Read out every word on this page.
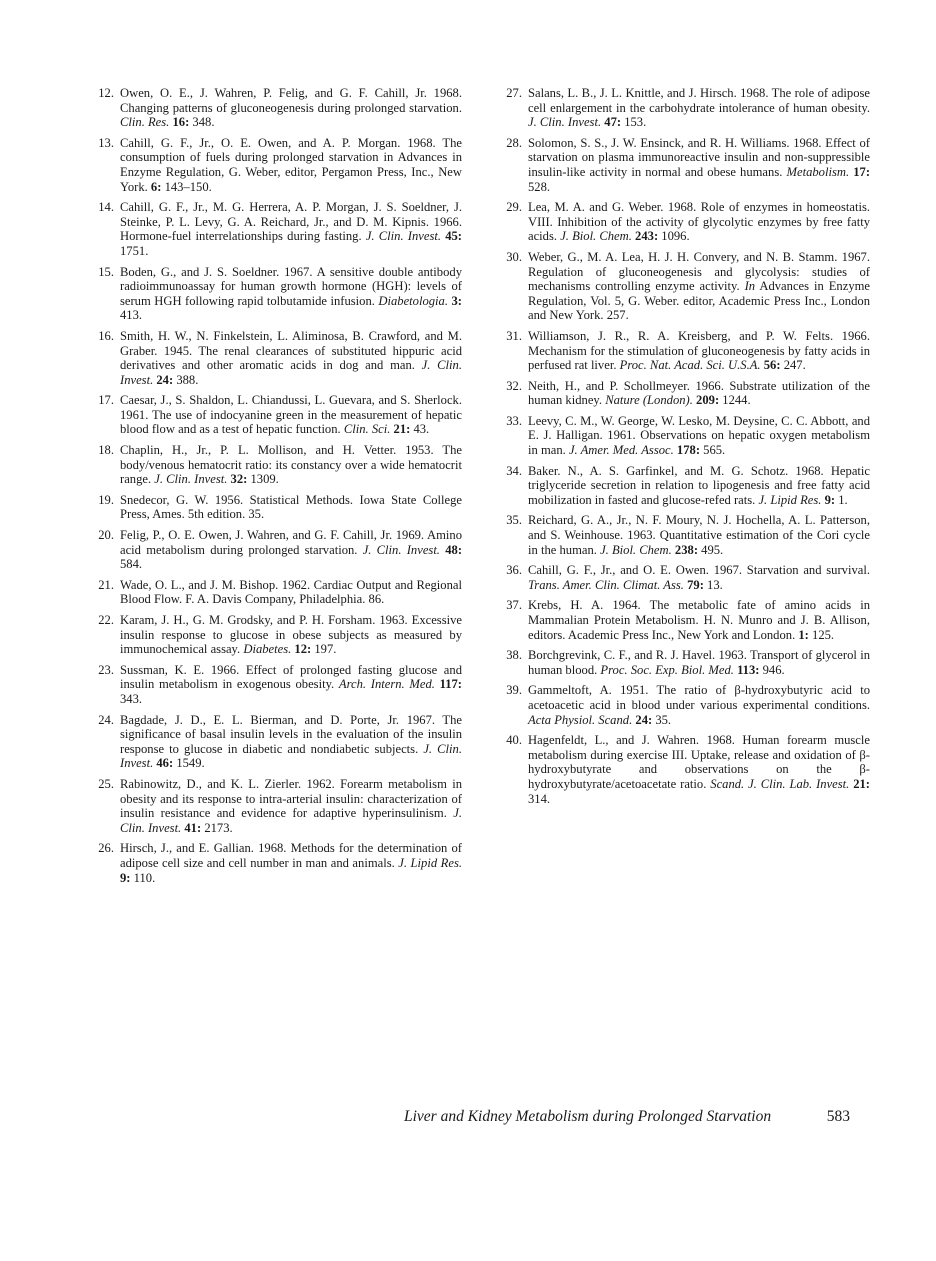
12. Owen, O. E., J. Wahren, P. Felig, and G. F. Cahill, Jr. 1968. Changing patterns of gluconeogenesis during prolonged starvation. Clin. Res. 16: 348.
13. Cahill, G. F., Jr., O. E. Owen, and A. P. Morgan. 1968. The consumption of fuels during prolonged starvation in Advances in Enzyme Regulation, G. Weber, editor, Pergamon Press, Inc., New York. 6: 143–150.
14. Cahill, G. F., Jr., M. G. Herrera, A. P. Morgan, J. S. Soeldner, J. Steinke, P. L. Levy, G. A. Reichard, Jr., and D. M. Kipnis. 1966. Hormone-fuel interrelationships during fasting. J. Clin. Invest. 45: 1751.
15. Boden, G., and J. S. Soeldner. 1967. A sensitive double antibody radioimmunoassay for human growth hormone (HGH): levels of serum HGH following rapid tolbutamide infusion. Diabetologia. 3: 413.
16. Smith, H. W., N. Finkelstein, L. Aliminosa, B. Crawford, and M. Graber. 1945. The renal clearances of substituted hippuric acid derivatives and other aromatic acids in dog and man. J. Clin. Invest. 24: 388.
17. Caesar, J., S. Shaldon, L. Chiandussi, L. Guevara, and S. Sherlock. 1961. The use of indocyanine green in the measurement of hepatic blood flow and as a test of hepatic function. Clin. Sci. 21: 43.
18. Chaplin, H., Jr., P. L. Mollison, and H. Vetter. 1953. The body/venous hematocrit ratio: its constancy over a wide hematocrit range. J. Clin. Invest. 32: 1309.
19. Snedecor, G. W. 1956. Statistical Methods. Iowa State College Press, Ames. 5th edition. 35.
20. Felig, P., O. E. Owen, J. Wahren, and G. F. Cahill, Jr. 1969. Amino acid metabolism during prolonged starvation. J. Clin. Invest. 48: 584.
21. Wade, O. L., and J. M. Bishop. 1962. Cardiac Output and Regional Blood Flow. F. A. Davis Company, Philadelphia. 86.
22. Karam, J. H., G. M. Grodsky, and P. H. Forsham. 1963. Excessive insulin response to glucose in obese subjects as measured by immunochemical assay. Diabetes. 12: 197.
23. Sussman, K. E. 1966. Effect of prolonged fasting glucose and insulin metabolism in exogenous obesity. Arch. Intern. Med. 117: 343.
24. Bagdade, J. D., E. L. Bierman, and D. Porte, Jr. 1967. The significance of basal insulin levels in the evaluation of the insulin response to glucose in diabetic and nondiabetic subjects. J. Clin. Invest. 46: 1549.
25. Rabinowitz, D., and K. L. Zierler. 1962. Forearm metabolism in obesity and its response to intra-arterial insulin: characterization of insulin resistance and evidence for adaptive hyperinsulinism. J. Clin. Invest. 41: 2173.
26. Hirsch, J., and E. Gallian. 1968. Methods for the determination of adipose cell size and cell number in man and animals. J. Lipid Res. 9: 110.
27. Salans, L. B., J. L. Knittle, and J. Hirsch. 1968. The role of adipose cell enlargement in the carbohydrate intolerance of human obesity. J. Clin. Invest. 47: 153.
28. Solomon, S. S., J. W. Ensinck, and R. H. Williams. 1968. Effect of starvation on plasma immunoreactive insulin and non-suppressible insulin-like activity in normal and obese humans. Metabolism. 17: 528.
29. Lea, M. A. and G. Weber. 1968. Role of enzymes in homeostatis. VIII. Inhibition of the activity of glycolytic enzymes by free fatty acids. J. Biol. Chem. 243: 1096.
30. Weber, G., M. A. Lea, H. J. H. Convery, and N. B. Stamm. 1967. Regulation of gluconeogenesis and glycolysis: studies of mechanisms controlling enzyme activity. In Advances in Enzyme Regulation, Vol. 5, G. Weber. editor, Academic Press Inc., London and New York. 257.
31. Williamson, J. R., R. A. Kreisberg, and P. W. Felts. 1966. Mechanism for the stimulation of gluconeogenesis by fatty acids in perfused rat liver. Proc. Nat. Acad. Sci. U.S.A. 56: 247.
32. Neith, H., and P. Schollmeyer. 1966. Substrate utilization of the human kidney. Nature (London). 209: 1244.
33. Leevy, C. M., W. George, W. Lesko, M. Deysine, C. C. Abbott, and E. J. Halligan. 1961. Observations on hepatic oxygen metabolism in man. J. Amer. Med. Assoc. 178: 565.
34. Baker. N., A. S. Garfinkel, and M. G. Schotz. 1968. Hepatic triglyceride secretion in relation to lipogenesis and free fatty acid mobilization in fasted and glucose-refed rats. J. Lipid Res. 9: 1.
35. Reichard, G. A., Jr., N. F. Moury, N. J. Hochella, A. L. Patterson, and S. Weinhouse. 1963. Quantitative estimation of the Cori cycle in the human. J. Biol. Chem. 238: 495.
36. Cahill, G. F., Jr., and O. E. Owen. 1967. Starvation and survival. Trans. Amer. Clin. Climat. Ass. 79: 13.
37. Krebs, H. A. 1964. The metabolic fate of amino acids in Mammalian Protein Metabolism. H. N. Munro and J. B. Allison, editors. Academic Press Inc., New York and London. 1: 125.
38. Borchgrevink, C. F., and R. J. Havel. 1963. Transport of glycerol in human blood. Proc. Soc. Exp. Biol. Med. 113: 946.
39. Gammeltoft, A. 1951. The ratio of β-hydroxybutyric acid to acetoacetic acid in blood under various experimental conditions. Acta Physiol. Scand. 24: 35.
40. Hagenfeldt, L., and J. Wahren. 1968. Human forearm muscle metabolism during exercise III. Uptake, release and oxidation of β-hydroxybutyrate and observations on the β-hydroxybutyrate/acetoacetate ratio. Scand. J. Clin. Lab. Invest. 21: 314.
Liver and Kidney Metabolism during Prolonged Starvation	583
